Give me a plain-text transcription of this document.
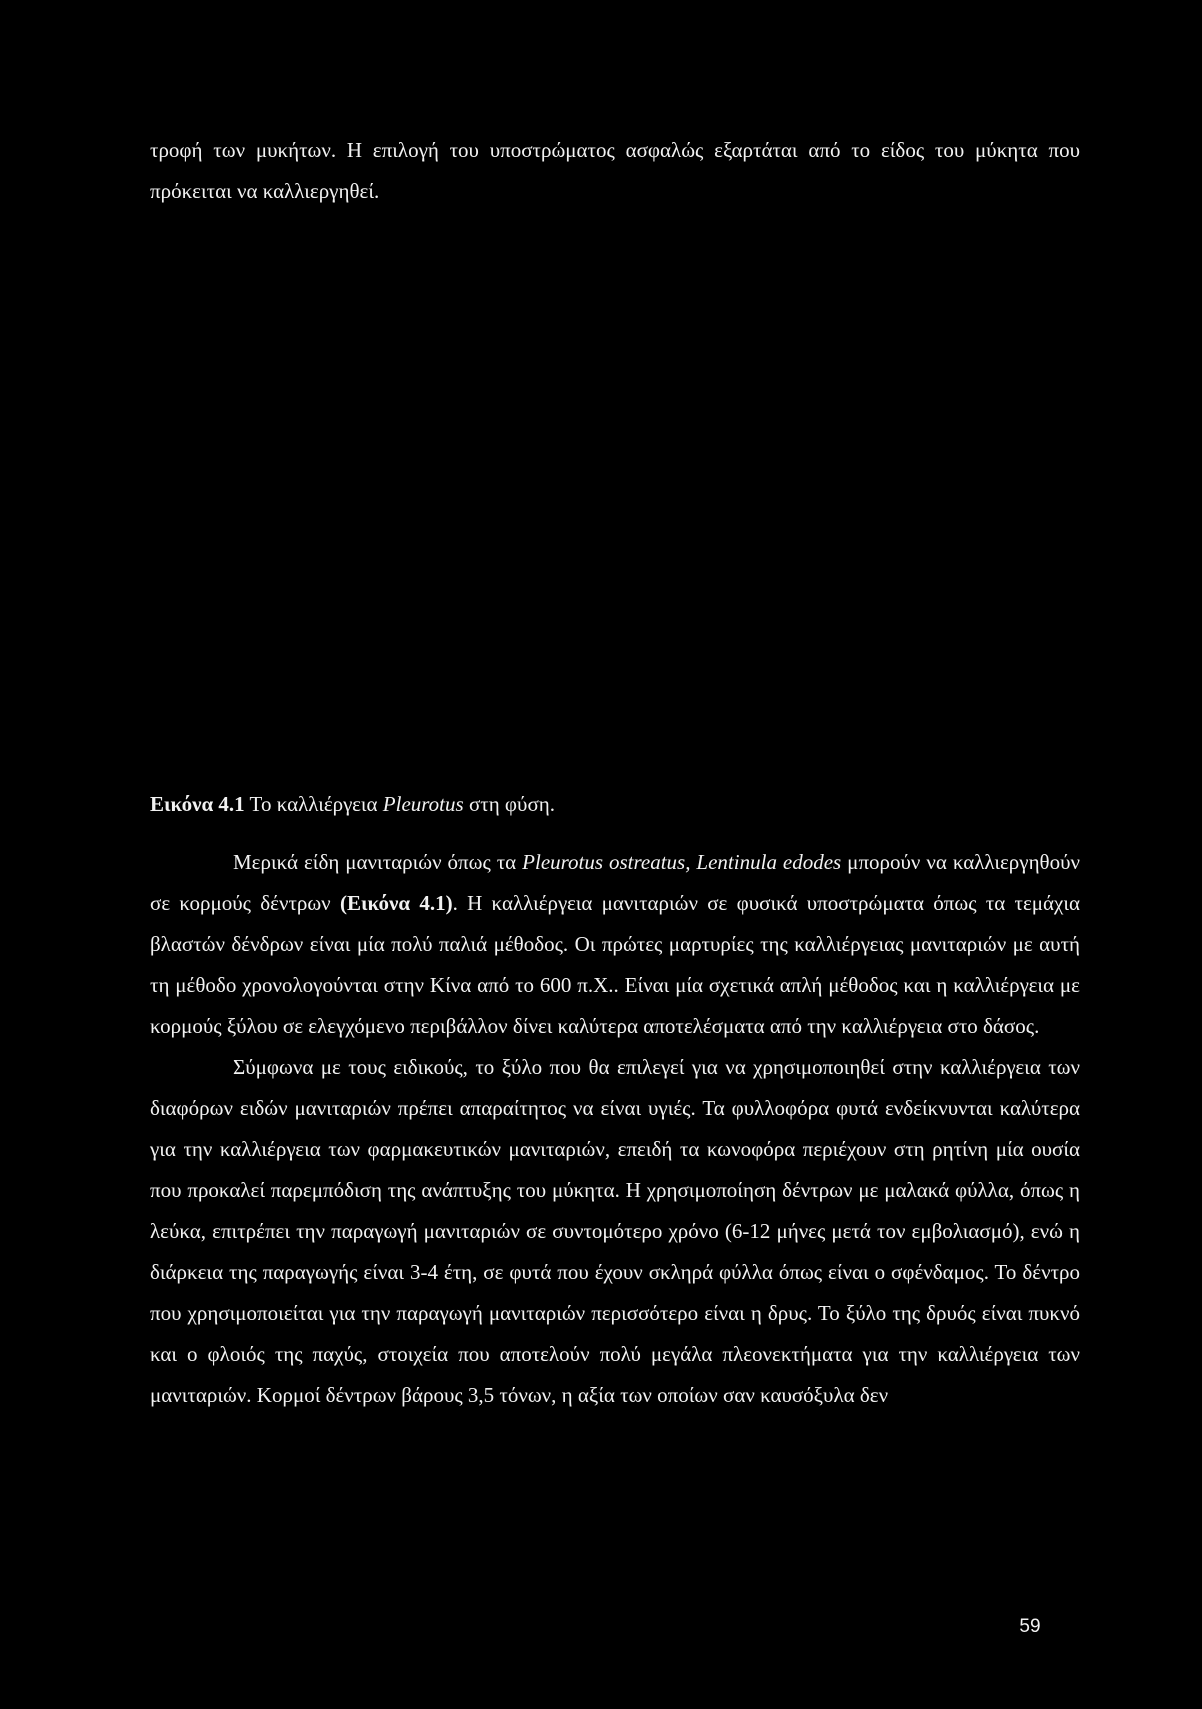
τροφή των μυκήτων. Η επιλογή του υποστρώματος ασφαλώς εξαρτάται από το είδος του μύκητα που πρόκειται να καλλιεργηθεί.

Εικόνα 4.1 Το καλλιέργεια Pleurotus στη φύση.

Μερικά είδη μανιταριών όπως τα Pleurotus ostreatus, Lentinula edodes μπορούν να καλλιεργηθούν σε κορμούς δέντρων (Εικόνα 4.1). Η καλλιέργεια μανιταριών σε φυσικά υποστρώματα όπως τα τεμάχια βλαστών δένδρων είναι μία πολύ παλιά μέθοδος. Οι πρώτες μαρτυρίες της καλλιέργειας μανιταριών με αυτή τη μέθοδο χρονολογούνται στην Κίνα από το 600 π.Χ.. Είναι μία σχετικά απλή μέθοδος και η καλλιέργεια με κορμούς ξύλου σε ελεγχόμενο περιβάλλον δίνει καλύτερα αποτελέσματα από την καλλιέργεια στο δάσος.

Σύμφωνα με τους ειδικούς, το ξύλο που θα επιλεγεί για να χρησιμοποιηθεί στην καλλιέργεια των διαφόρων ειδών μανιταριών πρέπει απαραίτητος να είναι υγιές. Τα φυλλοφόρα φυτά ενδείκνυνται καλύτερα για την καλλιέργεια των φαρμακευτικών μανιταριών, επειδή τα κωνοφόρα περιέχουν στη ρητίνη μία ουσία που προκαλεί παρεμπόδιση της ανάπτυξης του μύκητα. Η χρησιμοποίηση δέντρων με μαλακά φύλλα, όπως η λεύκα, επιτρέπει την παραγωγή μανιταριών σε συντομότερο χρόνο (6-12 μήνες μετά τον εμβολιασμό), ενώ η διάρκεια της παραγωγής είναι 3-4 έτη, σε φυτά που έχουν σκληρά φύλλα όπως είναι ο σφένδαμος. Το δέντρο που χρησιμοποιείται για την παραγωγή μανιταριών περισσότερο είναι η δρυς. Το ξύλο της δρυός είναι πυκνό και ο φλοιός της παχύς, στοιχεία που αποτελούν πολύ μεγάλα πλεονεκτήματα για την καλλιέργεια των μανιταριών. Κορμοί δέντρων βάρους 3,5 τόνων, η αξία των οποίων σαν καυσόξυλα δεν

59
